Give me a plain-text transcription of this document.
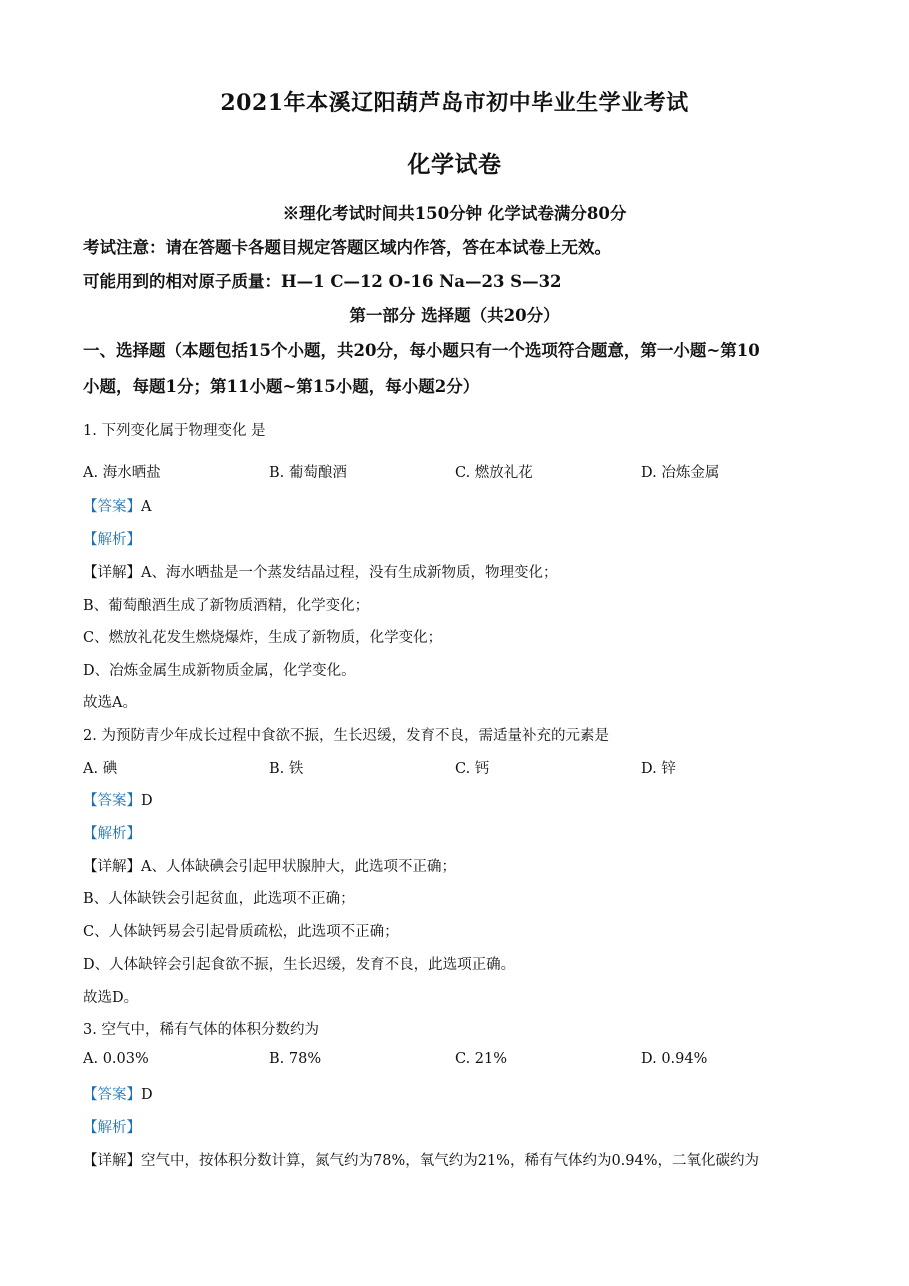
2021年本溪辽阳葫芦岛市初中毕业生学业考试
化学试卷
※理化考试时间共150分钟 化学试卷满分80分
考试注意：请在答题卡各题目规定答题区域内作答，答在本试卷上无效。
可能用到的相对原子质量：H—1 C—12 O-16 Na—23 S—32
第一部分 选择题（共20分）
一、选择题（本题包括15个小题，共20分，每小题只有一个选项符合题意，第一小题~第10
小题，每题1分；第11小题~第15小题，每小题2分）
1. 下列变化属于物理变化 是
A. 海水晒盐	B. 葡萄酿酒	C. 燃放礼花	D. 冶炼金属
【答案】A
【解析】
【详解】A、海水晒盐是一个蒸发结晶过程，没有生成新物质，物理变化；
B、葡萄酿酒生成了新物质酒精，化学变化；
C、燃放礼花发生燃烧爆炸，生成了新物质，化学变化；
D、冶炼金属生成新物质金属，化学变化。
故选A。
2. 为预防青少年成长过程中食欲不振，生长迟缓，发育不良，需适量补充的元素是
A. 碘	B. 铁	C. 钙	D. 锌
【答案】D
【解析】
【详解】A、人体缺碘会引起甲状腺肿大，此选项不正确；
B、人体缺铁会引起贫血，此选项不正确；
C、人体缺钙易会引起骨质疏松，此选项不正确；
D、人体缺锌会引起食欲不振，生长迟缓，发育不良，此选项正确。
故选D。
3. 空气中，稀有气体的体积分数约为
A. 0.03%	B. 78%	C. 21%	D. 0.94%
【答案】D
【解析】
【详解】空气中，按体积分数计算，氮气约为78%，氧气约为21%，稀有气体约为0.94%，二氧化碳约为
